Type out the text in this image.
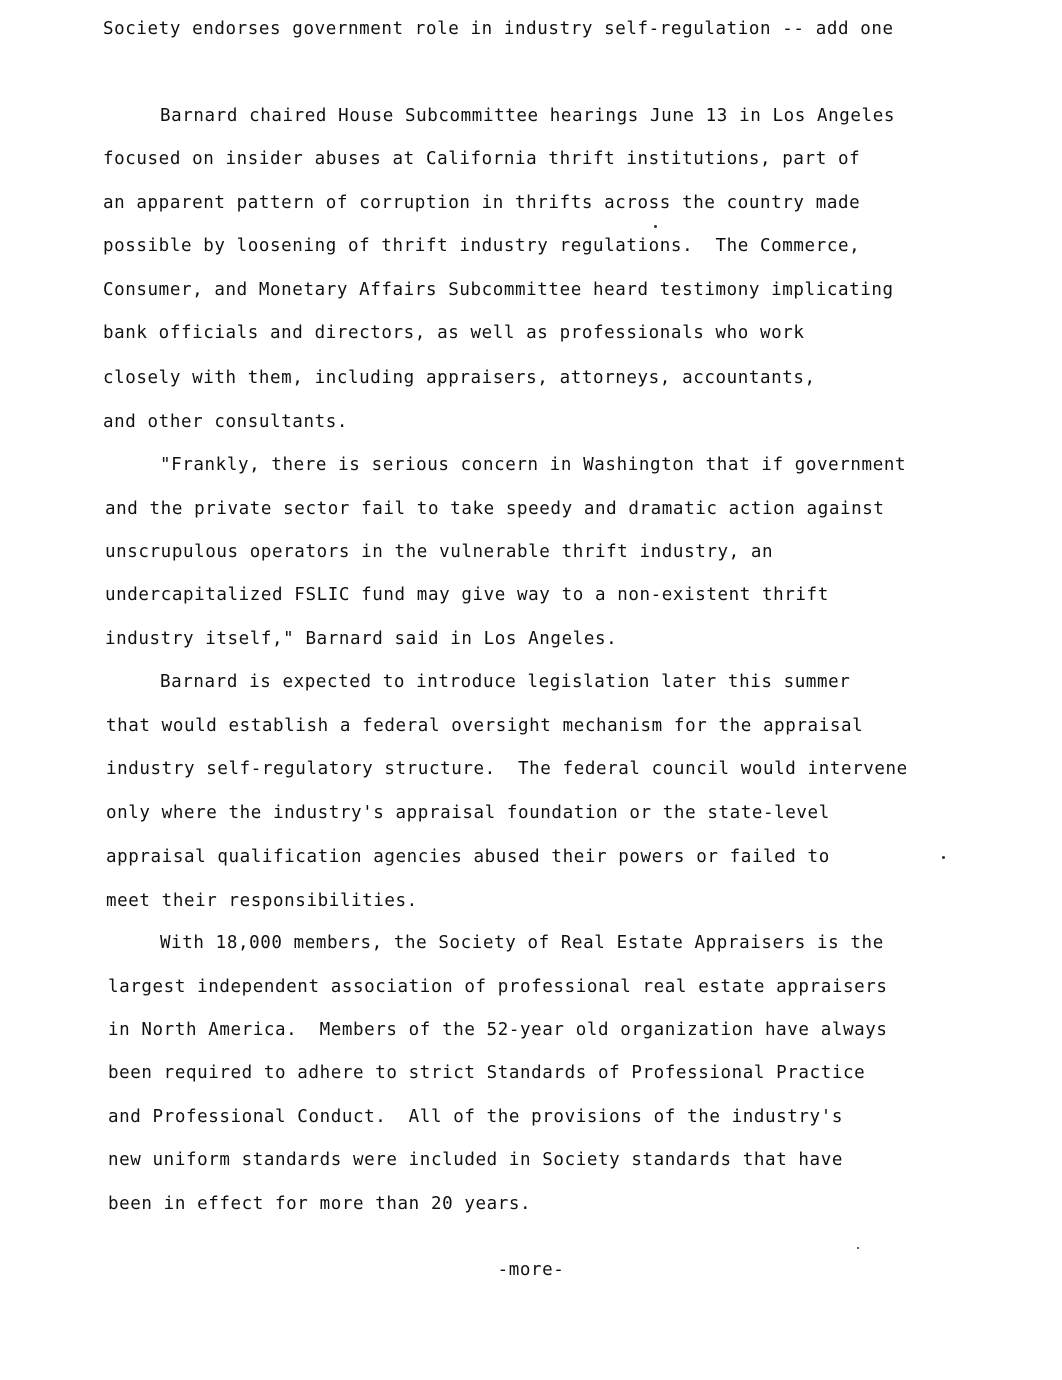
Society endorses government role in industry self-regulation -- add one
Barnard chaired House Subcommittee hearings June 13 in Los Angeles
focused on insider abuses at California thrift institutions, part of
an apparent pattern of corruption in thrifts across the country made
possible by loosening of thrift industry regulations.  The Commerce,
Consumer, and Monetary Affairs Subcommittee heard testimony implicating
bank officials and directors, as well as professionals who work
closely with them, including appraisers, attorneys, accountants,
and other consultants.
"Frankly, there is serious concern in Washington that if government
and the private sector fail to take speedy and dramatic action against
unscrupulous operators in the vulnerable thrift industry, an
undercapitalized FSLIC fund may give way to a non-existent thrift
industry itself," Barnard said in Los Angeles.
Barnard is expected to introduce legislation later this summer
that would establish a federal oversight mechanism for the appraisal
industry self-regulatory structure.  The federal council would intervene
only where the industry's appraisal foundation or the state-level
appraisal qualification agencies abused their powers or failed to
meet their responsibilities.
With 18,000 members, the Society of Real Estate Appraisers is the
largest independent association of professional real estate appraisers
in North America.  Members of the 52-year old organization have always
been required to adhere to strict Standards of Professional Practice
and Professional Conduct.  All of the provisions of the industry's
new uniform standards were included in Society standards that have
been in effect for more than 20 years.
-more-
